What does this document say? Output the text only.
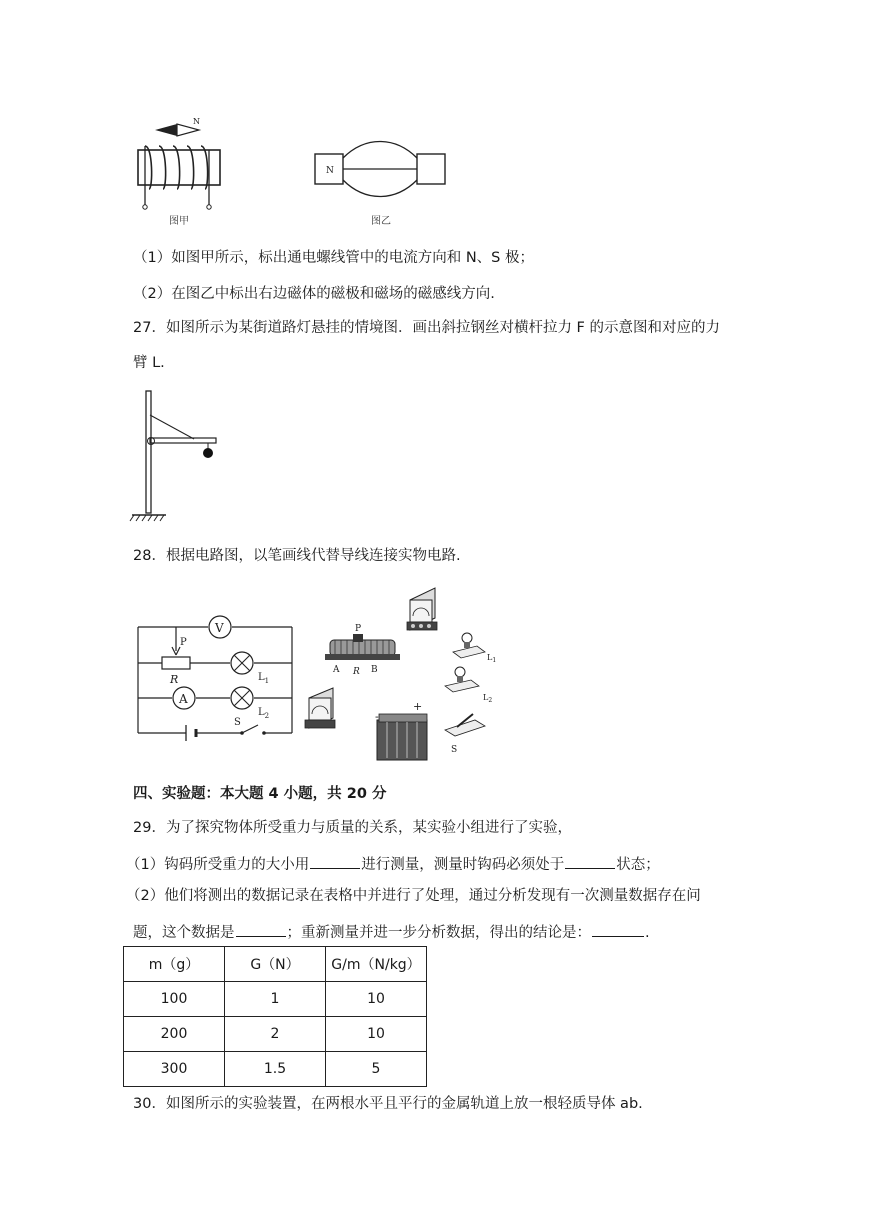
N
图甲
N
图乙
（1）如图甲所示，标出通电螺线管中的电流方向和 N、S 极；
（2）在图乙中标出右边磁体的磁极和磁场的磁感线方向.
27．如图所示为某街道路灯悬挂的情境图．画出斜拉钢丝对横杆拉力 F 的示意图和对应的力
臂 L.
28．根据电路图，以笔画线代替导线连接实物电路.
V
P
R	$L_1$
A
$L_2$
S
P
A R B
$L_1$
$L_2$
-
+
S
四、实验题：本大题 4 小题，共 20 分
29．为了探究物体所受重力与质量的关系，某实验小组进行了实验，
（1）钩码所受重力的大小用	进行测量，测量时钩码必须处于	状态；
（2）他们将测出的数据记录在表格中并进行了处理，通过分析发现有一次测量数据存在问
题，这个数据是	；重新测量并进一步分析数据，得出的结论是：	.
m（g）	G（N）	G/m（N/kg）
100	1	10
200	2	10
300	1.5	5
30．如图所示的实验装置，在两根水平且平行的金属轨道上放一根轻质导体 ab.
